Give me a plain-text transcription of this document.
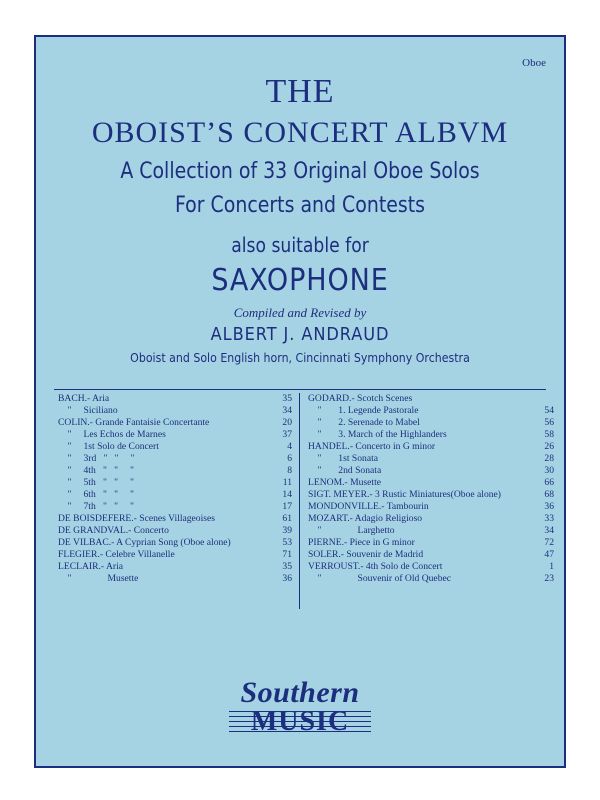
Oboe
THE
OBOIST’S CONCERT ALBVM
A Collection of 33 Original Oboe Solos
For Concerts and Contests
also suitable for
SAXOPHONE
Compiled and Revised by
ALBERT J. ANDRAUD
Oboist and Solo English horn, Cincinnati Symphony Orchestra
BACH.- Aria	35
"     Siciliano	34
COLIN.- Grande Fantaisie Concertante	20
"     Les Echos de Marnes	37
"     1st Solo de Concert	4
"     3rd   "   "     "	6
"     4th   "   "     "	8
"     5th   "   "     "	11
"     6th   "   "     "	14
"     7th   "   "     "	17
DE BOISDEFERE.- Scenes Villageoises	61
DE GRANDVAL.- Concerto	39
DE VILBAC.- A Cyprian Song (Oboe alone)	53
FLEGIER.- Celebre Villanelle	71
LECLAIR.- Aria	35
"               Musette	36
GODARD.- Scotch Scenes
"       1. Legende Pastorale	54
"       2. Serenade to Mabel	56
"       3. March of the Highlanders	58
HANDEL.- Concerto in G minor	26
"       1st Sonata	28
"       2nd Sonata	30
LENOM.- Musette	66
SIGT. MEYER.- 3 Rustic Miniatures(Oboe alone)	68
MONDONVILLE.- Tambourin	36
MOZART.- Adagio Religioso	33
"               Larghetto	34
PIERNE.- Piece in G minor	72
SOLER.- Souvenir de Madrid	47
VERROUST.- 4th Solo de Concert	1
"               Souvenir of Old Quebec	23
Southern
MUSIC
